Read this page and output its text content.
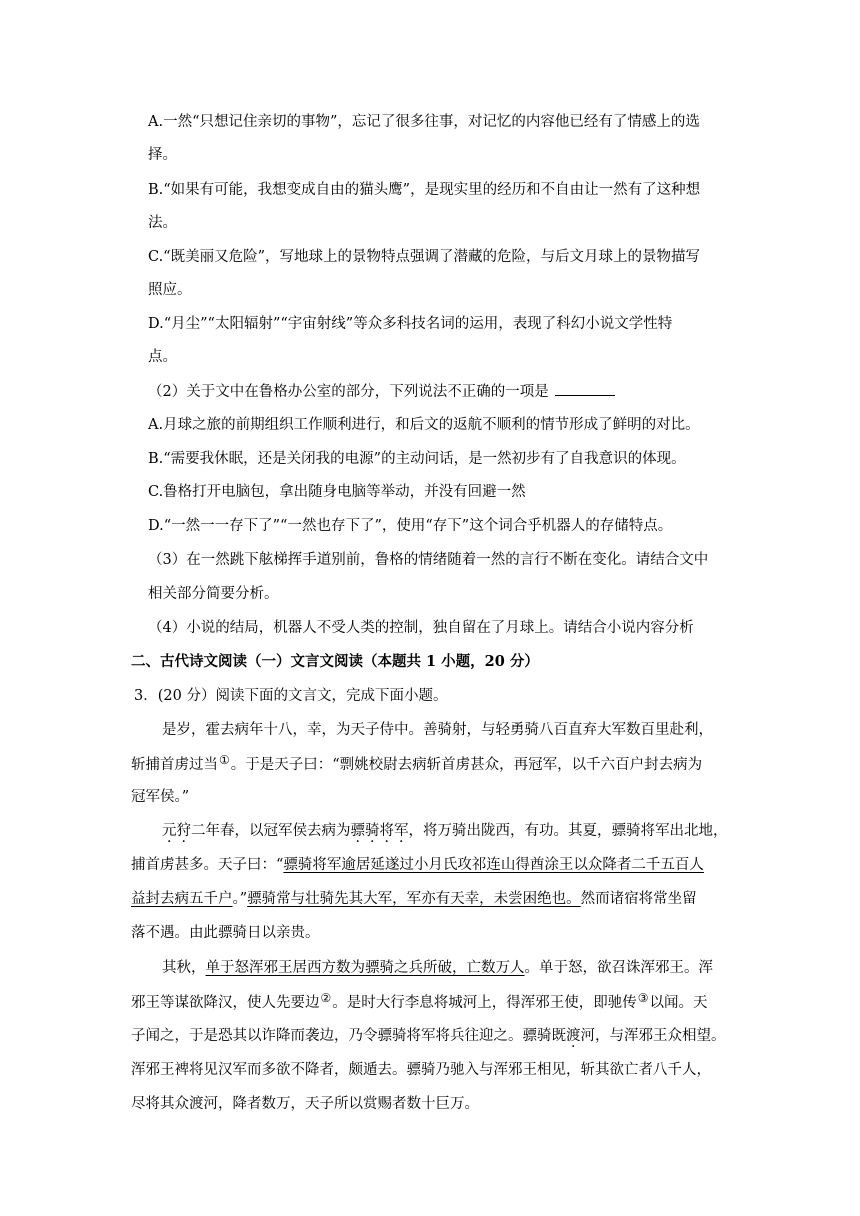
A.一然“只想记住亲切的事物”，忘记了很多往事，对记忆的内容他已经有了情感上的选
择。
B.“如果有可能，我想变成自由的猫头鹰”，是现实里的经历和不自由让一然有了这种想
法。
C.“既美丽又危险”，写地球上的景物特点强调了潜藏的危险，与后文月球上的景物描写
照应。
D.“月尘”“太阳辐射”“宇宙射线”等众多科技名词的运用，表现了科幻小说文学性特
点。
（2）关于文中在鲁格办公室的部分，下列说法不正确的一项是
A.月球之旅的前期组织工作顺利进行，和后文的返航不顺利的情节形成了鲜明的对比。
B.“需要我休眠，还是关闭我的电源”的主动问话，是一然初步有了自我意识的体现。
C.鲁格打开电脑包，拿出随身电脑等举动，并没有回避一然
D.“一然一一存下了”“一然也存下了”，使用“存下”这个词合乎机器人的存储特点。
（3）在一然跳下舷梯挥手道别前，鲁格的情绪随着一然的言行不断在变化。请结合文中
相关部分简要分析。
（4）小说的结局，机器人不受人类的控制，独自留在了月球上。请结合小说内容分析
二、古代诗文阅读（一）文言文阅读（本题共 1 小题，20 分）
3．(20 分）阅读下面的文言文，完成下面小题。
是岁，霍去病年十八，幸，为天子侍中。善骑射，与轻勇骑八百直弃大军数百里赴利，
斩捕首虏过当①。于是天子曰：“剽姚校尉去病斩首虏甚众，再冠军，以千六百户封去病为
冠军侯。”
元狩二年春，以冠军侯去病为骠骑将军，将万骑出陇西，有功。其夏，骠骑将军出北地，
捕首虏甚多。天子曰：“骠骑将军逾居延遂过小月氏攻祁连山得酋涂王以众降者二千五百人
益封去病五千户。”骠骑常与壮骑先其大军，军亦有天幸，未尝困绝也。然而诸宿将常坐留
落不遇。由此骠骑日以亲贵。
其秋，单于怒浑邪王居西方数为骠骑之兵所破，亡数万人。单于怒，欲召诛浑邪王。浑
邪王等谋欲降汉，使人先要边②。是时大行李息将城河上，得浑邪王使，即驰传③以闻。天
子闻之，于是恐其以诈降而袭边，乃令骠骑将军将兵往迎之。骠骑既渡河，与浑邪王众相望。
浑邪王裨将见汉军而多欲不降者，颇遁去。骠骑乃驰入与浑邪王相见，斩其欲亡者八千人，
尽将其众渡河，降者数万，天子所以赏赐者数十巨万。
